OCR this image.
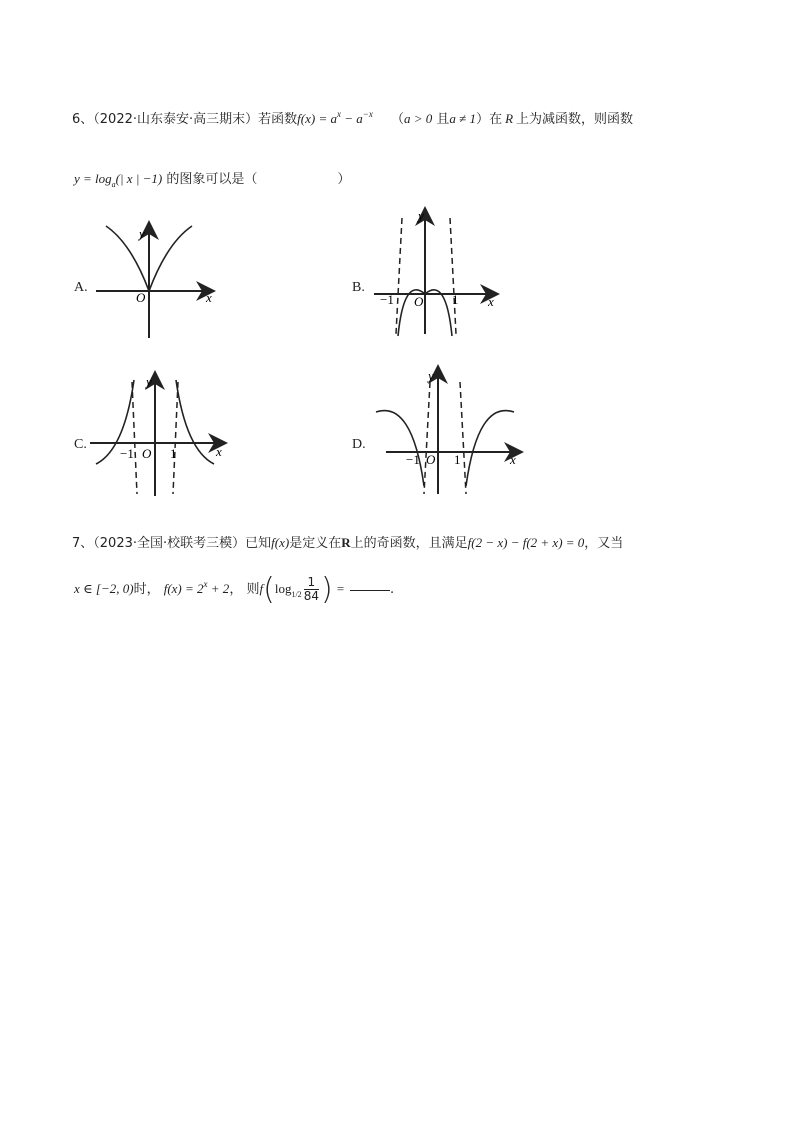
6、（2022·山东泰安·高三期末）若函数$f(x) = a^x - a^{-x}$ （a > 0 且a ≠ 1）在 R 上为减函数，则函数
$y = \log_a(|$ x | −1) 的图象可以是（	）
A.	B.
C.	D.
O	x
y
−1	1
O	x
y
−1	1
O	x
y
−1	1
O	x
y
7、（2023·全国·校联考三模）已知f(x)是定义在R上的奇函数，且满足f(2 − x) − f(2 + x) = 0，又当
x ∈ [−2, 0)时， $f(x) = 2^x + 2$， 则$f(\log_{1/2} \frac{1}{84}$ ) =	.
